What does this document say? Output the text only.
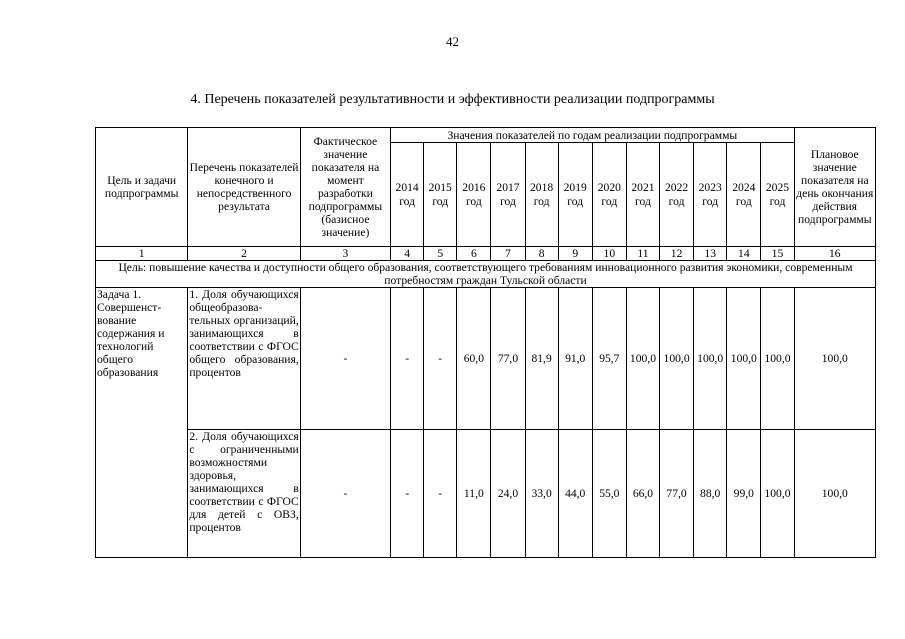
42
4. Перечень показателей результативности и эффективности реализации подпрограммы
Цель и задачи подпрограммы	Перечень показателей конечного и непосредственного результата	Фактическое значение показателя на момент разработки подпрограммы (базисное значение)	Значения показателей по годам реализации подпрограммы												Плановое значение показателя на день окончания действия подпрограммы
			2014 год	2015 год	2016 год	2017 год	2018 год	2019 год	2020 год	2021 год	2022 год	2023 год	2024 год	2025 год	
1	2	3	4	5	6	7	8	9	10	11	12	13	14	15	16
Цель: повышение качества и доступности общего образования, соответствующего требованиям инновационного развития экономики, современным потребностям граждан Тульской области															
Задача 1. Совершенст-вование содержания и технологий общего образования	1. Доля обучающихся общеобразова-тельных организаций, занимающихся в соответствии с ФГОС общего образования, процентов	-	-	-	60,0	77,0	81,9	91,0	95,7	100,0	100,0	100,0	100,0	100,0	100,0
	2. Доля обучающихся с ограниченными возможностями здоровья, занимающихся в соответствии с ФГОС для детей с ОВЗ, процентов	-	-	-	11,0	24,0	33,0	44,0	55,0	66,0	77,0	88,0	99,0	100,0	100,0
